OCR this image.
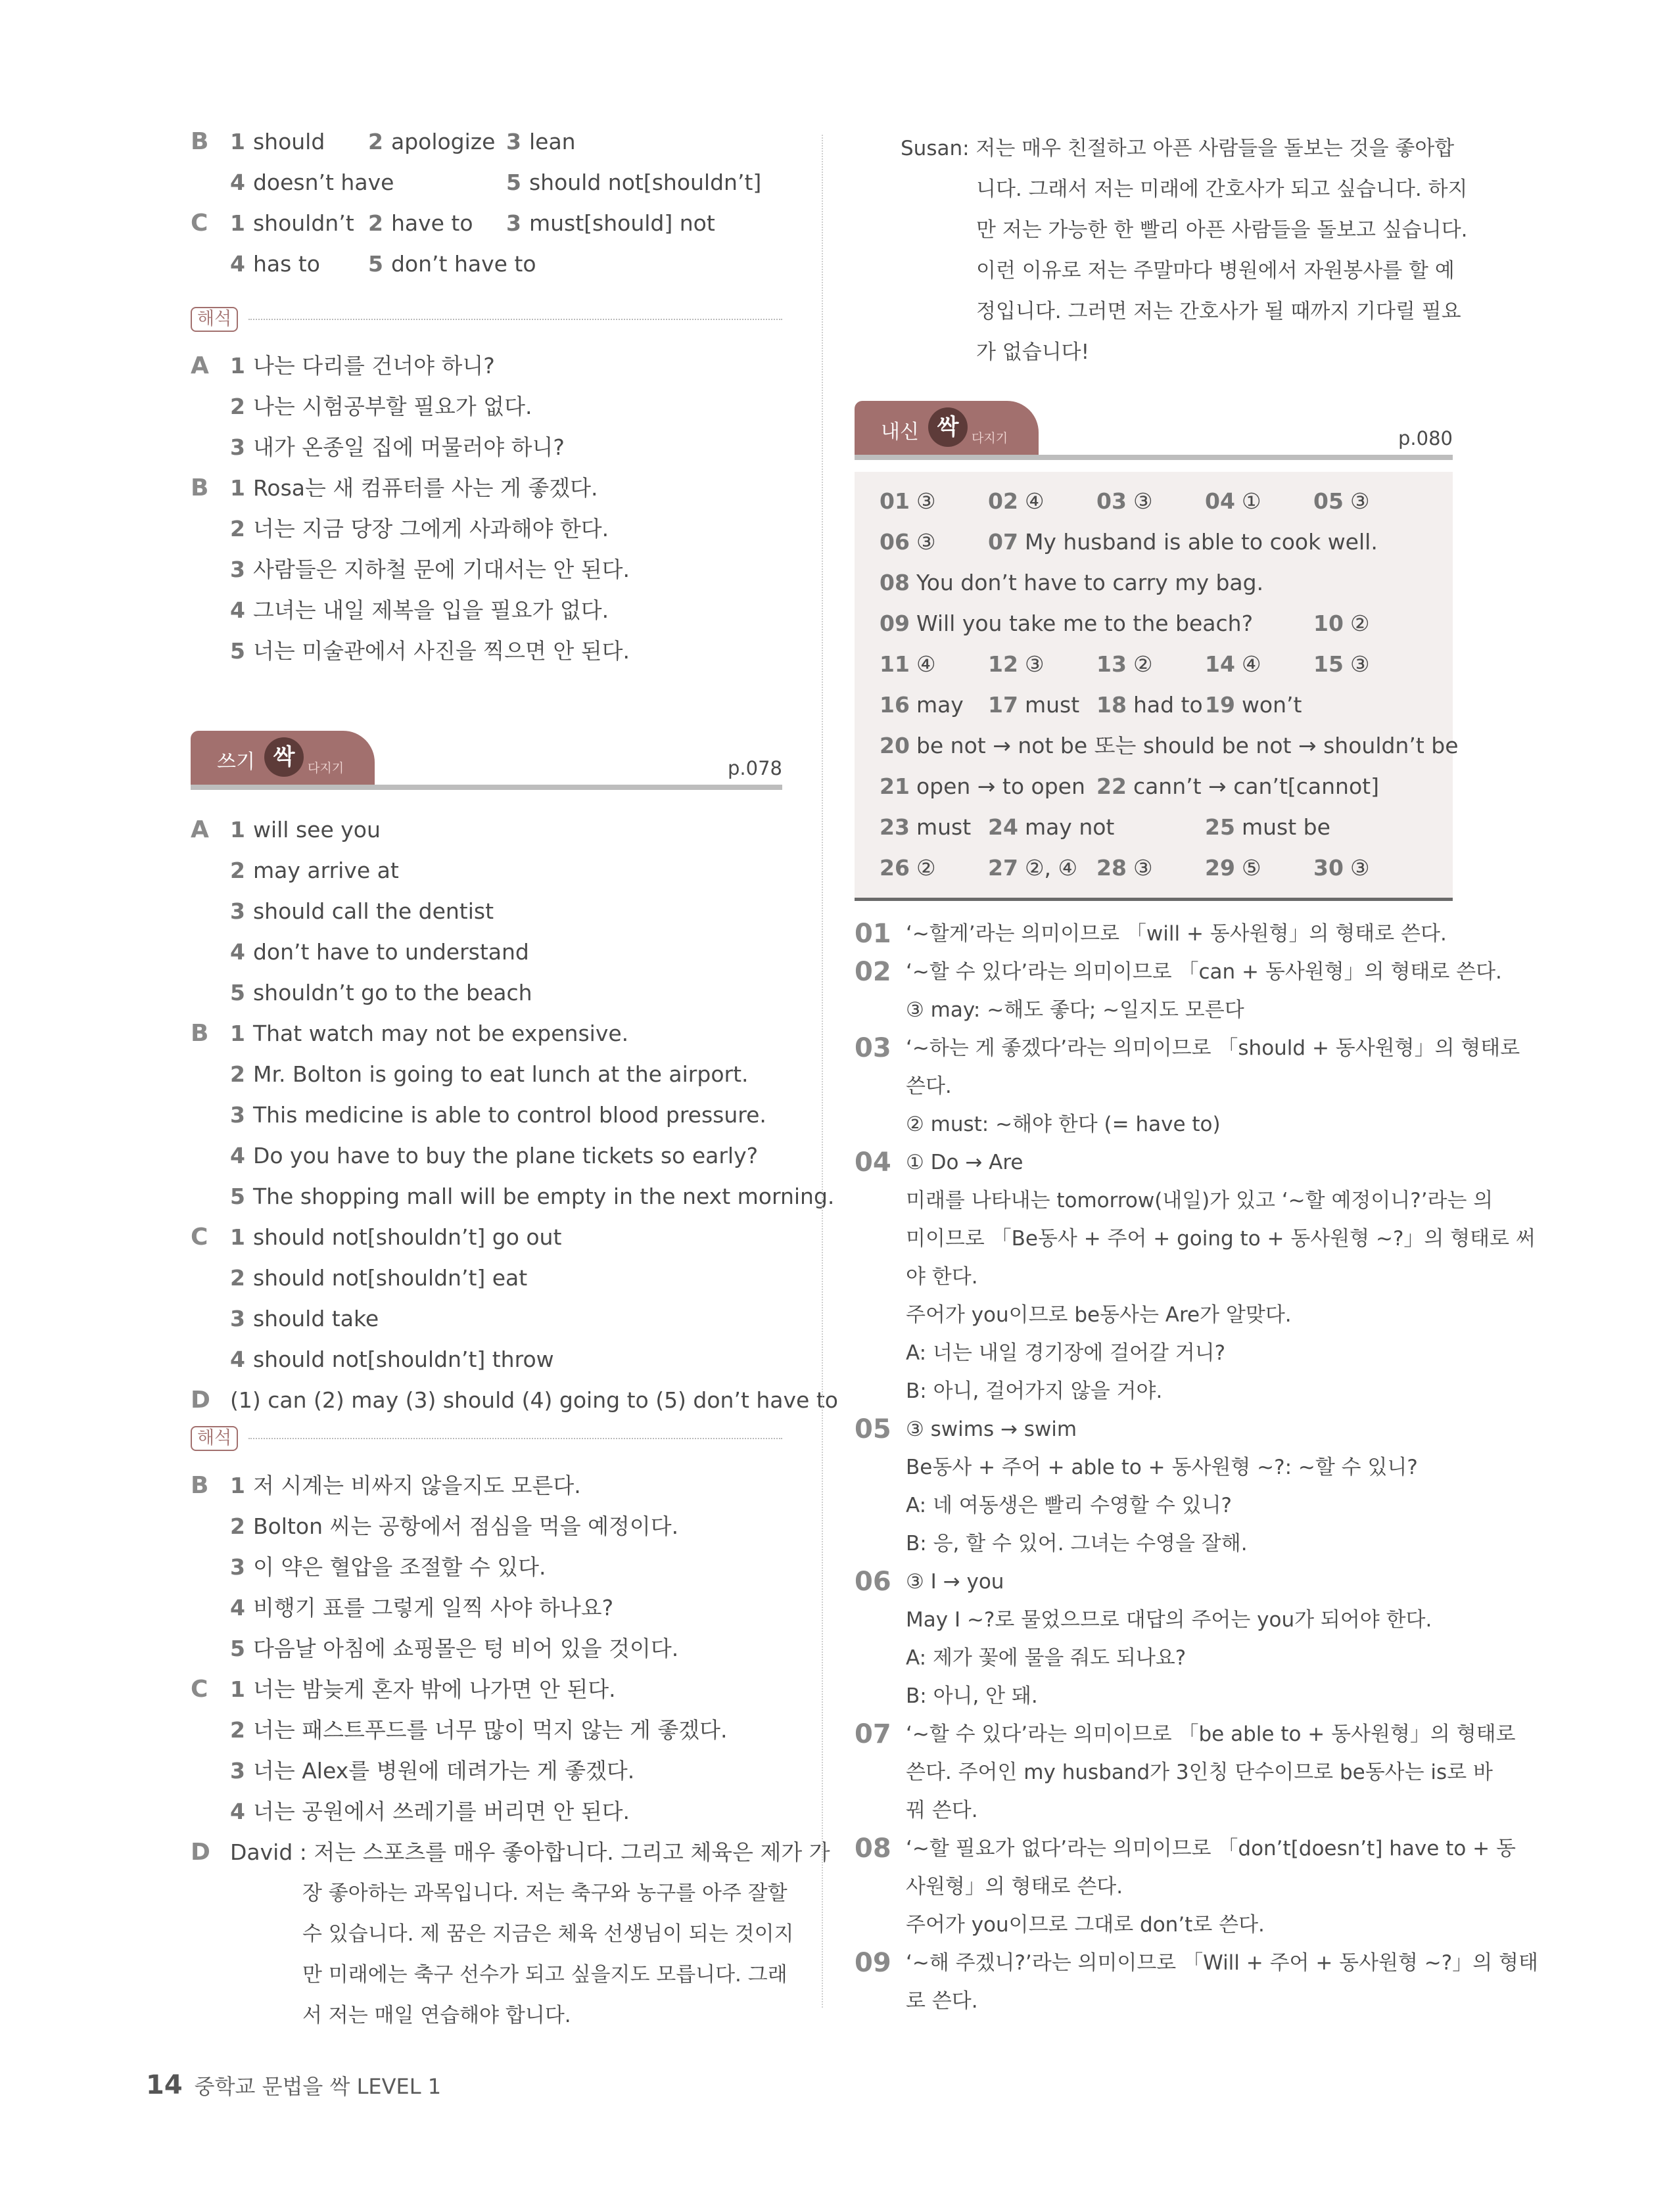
B 1 should 2 apologize 3 lean
4 doesn’t have	5 should not[shouldn’t]
C	1 shouldn’t 2 have to 3 must[should] not
4 has to 5 don’t have to
해석
A 1 나는 다리를 건너야 하니?
2 나는 시험공부할 필요가 없다.
3 내가 온종일 집에 머물러야 하니?
B 1 Rosa는 새 컴퓨터를 사는 게 좋겠다.
2 너는 지금 당장 그에게 사과해야 한다.
3 사람들은 지하철 문에 기대서는 안 된다.
4 그녀는 내일 제복을 입을 필요가 없다.
5 너는 미술관에서 사진을 찍으면 안 된다.
쓰기 싹	다지기	p.078
A 1 will see you
2 may arrive at
3 should call the dentist
4 don’t have to understand
5 shouldn’t go to the beach
B 1 That watch may not be expensive.
2 Mr. Bolton is going to eat lunch at the airport.
3 This medicine is able to control blood pressure.
4 Do you have to buy the plane tickets so early?
5 The shopping mall will be empty in the next morning.
C	1 should not[shouldn’t] go out
2 should not[shouldn’t] eat
3 should take
4 should not[shouldn’t] throw
D (1) can (2) may (3) should (4) going to (5) don’t have to
해석
B 1 저 시계는 비싸지 않을지도 모른다.
2 Bolton 씨는 공항에서 점심을 먹을 예정이다.
3 이 약은 혈압을 조절할 수 있다.
4 비행기 표를 그렇게 일찍 사야 하나요?
5 다음날 아침에 쇼핑몰은 텅 비어 있을 것이다.
C	1 너는 밤늦게 혼자 밖에 나가면 안 된다.
2 너는 패스트푸드를 너무 많이 먹지 않는 게 좋겠다.
3 너는 Alex를 병원에 데려가는 게 좋겠다.
4 너는 공원에서 쓰레기를 버리면 안 된다.
D David : 저는 스포츠를 매우 좋아합니다. 그리고 체육은 제가 가
장 좋아하는 과목입니다. 저는 축구와 농구를 아주 잘할
수 있습니다. 제 꿈은 지금은 체육 선생님이 되는 것이지
만 미래에는 축구 선수가 되고 싶을지도 모릅니다. 그래
서 저는 매일 연습해야 합니다.
Susan: 저는 매우 친절하고 아픈 사람들을 돌보는 것을 좋아합
니다. 그래서 저는 미래에 간호사가 되고 싶습니다. 하지
만 저는 가능한 한 빨리 아픈 사람들을 돌보고 싶습니다.
이런 이유로 저는 주말마다 병원에서 자원봉사를 할 예
정입니다. 그러면 저는 간호사가 될 때까지 기다릴 필요
가 없습니다!
내신 싹	다지기	p.080
01 ③ 02 ④ 03 ③ 04 ① 05 ③
06 ③ 07 My husband is able to cook well.
08 You don’t have to carry my bag.
09 Will you take me to the beach?	10 ②
11 ④ 12 ③ 13 ② 14 ④ 15 ③
16 may 17 must 18 had to 19 won’t
20 be not → not be 또는 should be not → shouldn’t be
21 open → to open 22 cann’t → can’t[cannot]
23 must 24 may not	25 must be
26 ② 27 ②, ④ 28 ③ 29 ⑤ 30 ③
01 ‘~할게’라는 의미이므로 「will + 동사원형」의 형태로 쓴다.
02 ‘~할 수 있다’라는 의미이므로 「can + 동사원형」의 형태로 쓴다.
③ may: ~해도 좋다; ~일지도 모른다
03 ‘~하는 게 좋겠다’라는 의미이므로 「should + 동사원형」의 형태로
쓴다.
② must: ~해야 한다 (= have to)
04 ① Do → Are
미래를 나타내는 tomorrow(내일)가 있고 ‘~할 예정이니?’라는 의
미이므로 「Be동사 + 주어 + going to + 동사원형 ~?」의 형태로 써
야 한다.
주어가 you이므로 be동사는 Are가 알맞다.
A: 너는 내일 경기장에 걸어갈 거니?
B: 아니, 걸어가지 않을 거야.
05 ③ swims → swim
Be동사 + 주어 + able to + 동사원형 ~?: ~할 수 있니?
A: 네 여동생은 빨리 수영할 수 있니?
B: 응, 할 수 있어. 그녀는 수영을 잘해.
06 ③ I → you
May I ~?로 물었으므로 대답의 주어는 you가 되어야 한다.
A: 제가 꽃에 물을 줘도 되나요?
B: 아니, 안 돼.
07 ‘~할 수 있다’라는 의미이므로 「be able to + 동사원형」의 형태로
쓴다. 주어인 my husband가 3인칭 단수이므로 be동사는 is로 바
꿔 쓴다.
08 ‘~할 필요가 없다’라는 의미이므로 「don’t[doesn’t] have to + 동
사원형」의 형태로 쓴다.
주어가 you이므로 그대로 don’t로 쓴다.
09 ‘~해 주겠니?’라는 의미이므로 「Will + 주어 + 동사원형 ~?」의 형태
로 쓴다.
14 중학교 문법을 싹 LEVEL 1
